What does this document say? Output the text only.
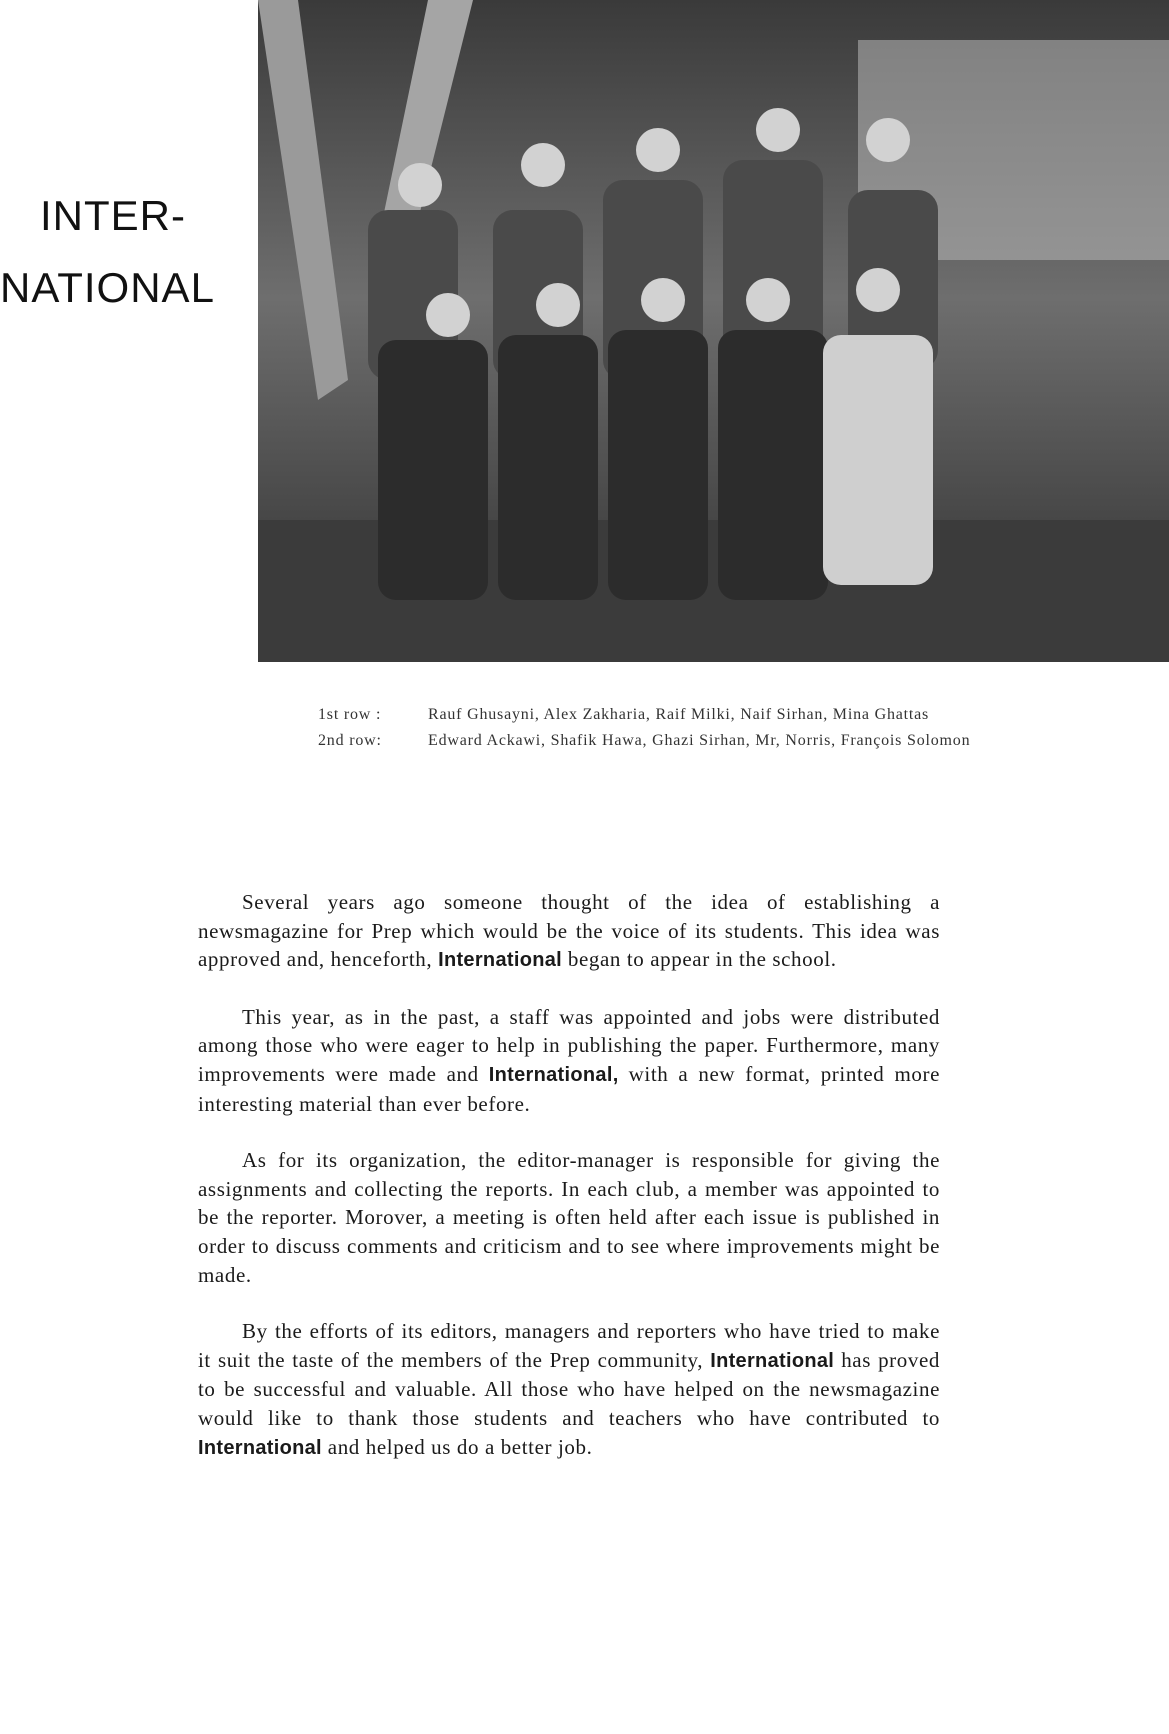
INTER-
NATIONAL
1st row :	Rauf Ghusayni, Alex Zakharia, Raif Milki, Naif Sirhan, Mina Ghattas
2nd row:	Edward Ackawi, Shafik Hawa, Ghazi Sirhan, Mr, Norris, François Solomon

Several years ago someone thought of the idea of establishing a newsmagazine for Prep which would be the voice of its students. This idea was approved and, henceforth, International began to appear in the school.

This year, as in the past, a staff was appointed and jobs were distributed among those who were eager to help in publishing the paper. Furthermore, many improvements were made and International, with a new format, printed more interesting material than ever before.

As for its organization, the editor-manager is responsible for giving the assignments and collecting the reports. In each club, a member was appointed to be the reporter. Morover, a meeting is often held after each issue is published in order to discuss comments and criticism and to see where improvements might be made.

By the efforts of its editors, managers and reporters who have tried to make it suit the taste of the members of the Prep community, International has proved to be successful and valuable. All those who have helped on the newsmagazine would like to thank those students and teachers who have contributed to International and helped us do a better job.
